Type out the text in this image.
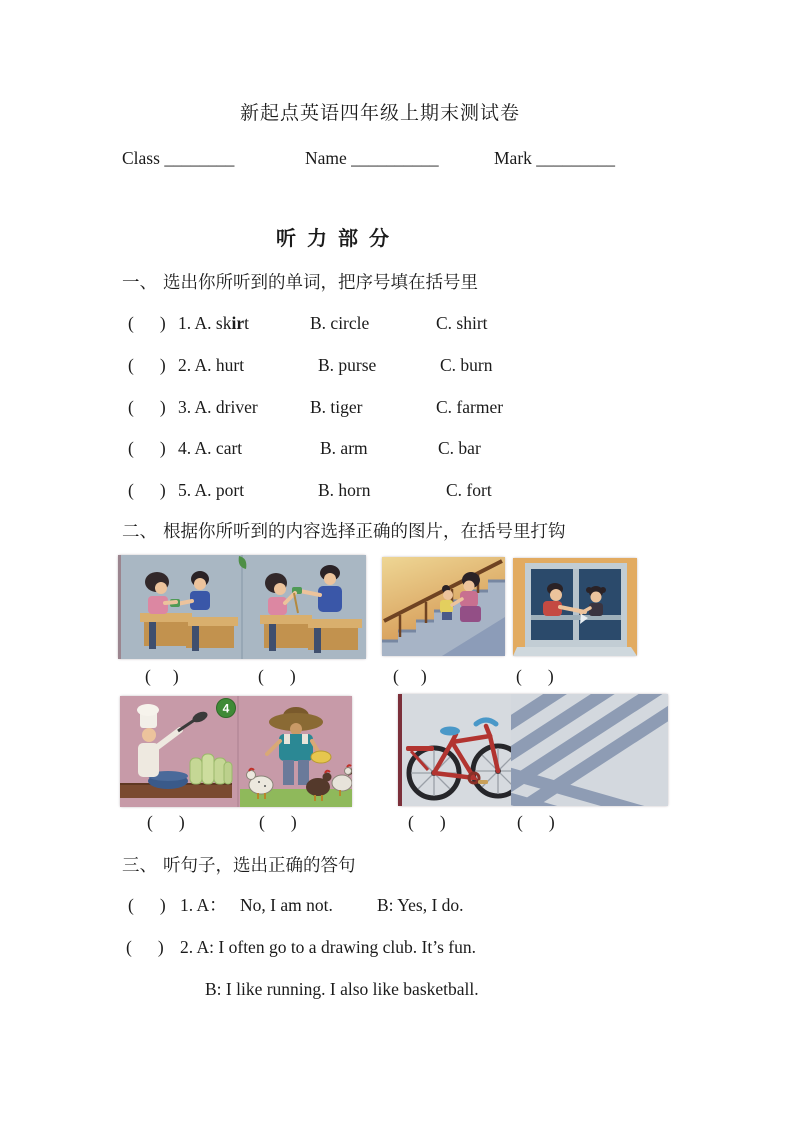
新起点英语四年级上期末测试卷
Class ________	Name __________	Mark _________
听 力 部 分
一、 选出你所听到的单词，把序号填在括号里
( ) 1. A. skirt	B. circle	C. shirt
( ) 2. A. hurt	B. purse	C. burn
( ) 3. A. driver	B. tiger	C. farmer
( ) 4. A. cart	B. arm	C. bar
( ) 5. A. port	B. horn	C. fort
二、 根据你所听到的内容选择正确的图片，在括号里打钩
( )	( )	( )	( )
4
( )	( )	( )	( )
三、 听句子，选出正确的答句
( ) 1. A： No, I am not.	B: Yes, I do.
( ) 2. A: I often go to a drawing club. It’s fun.
B: I like running. I also like basketball.
